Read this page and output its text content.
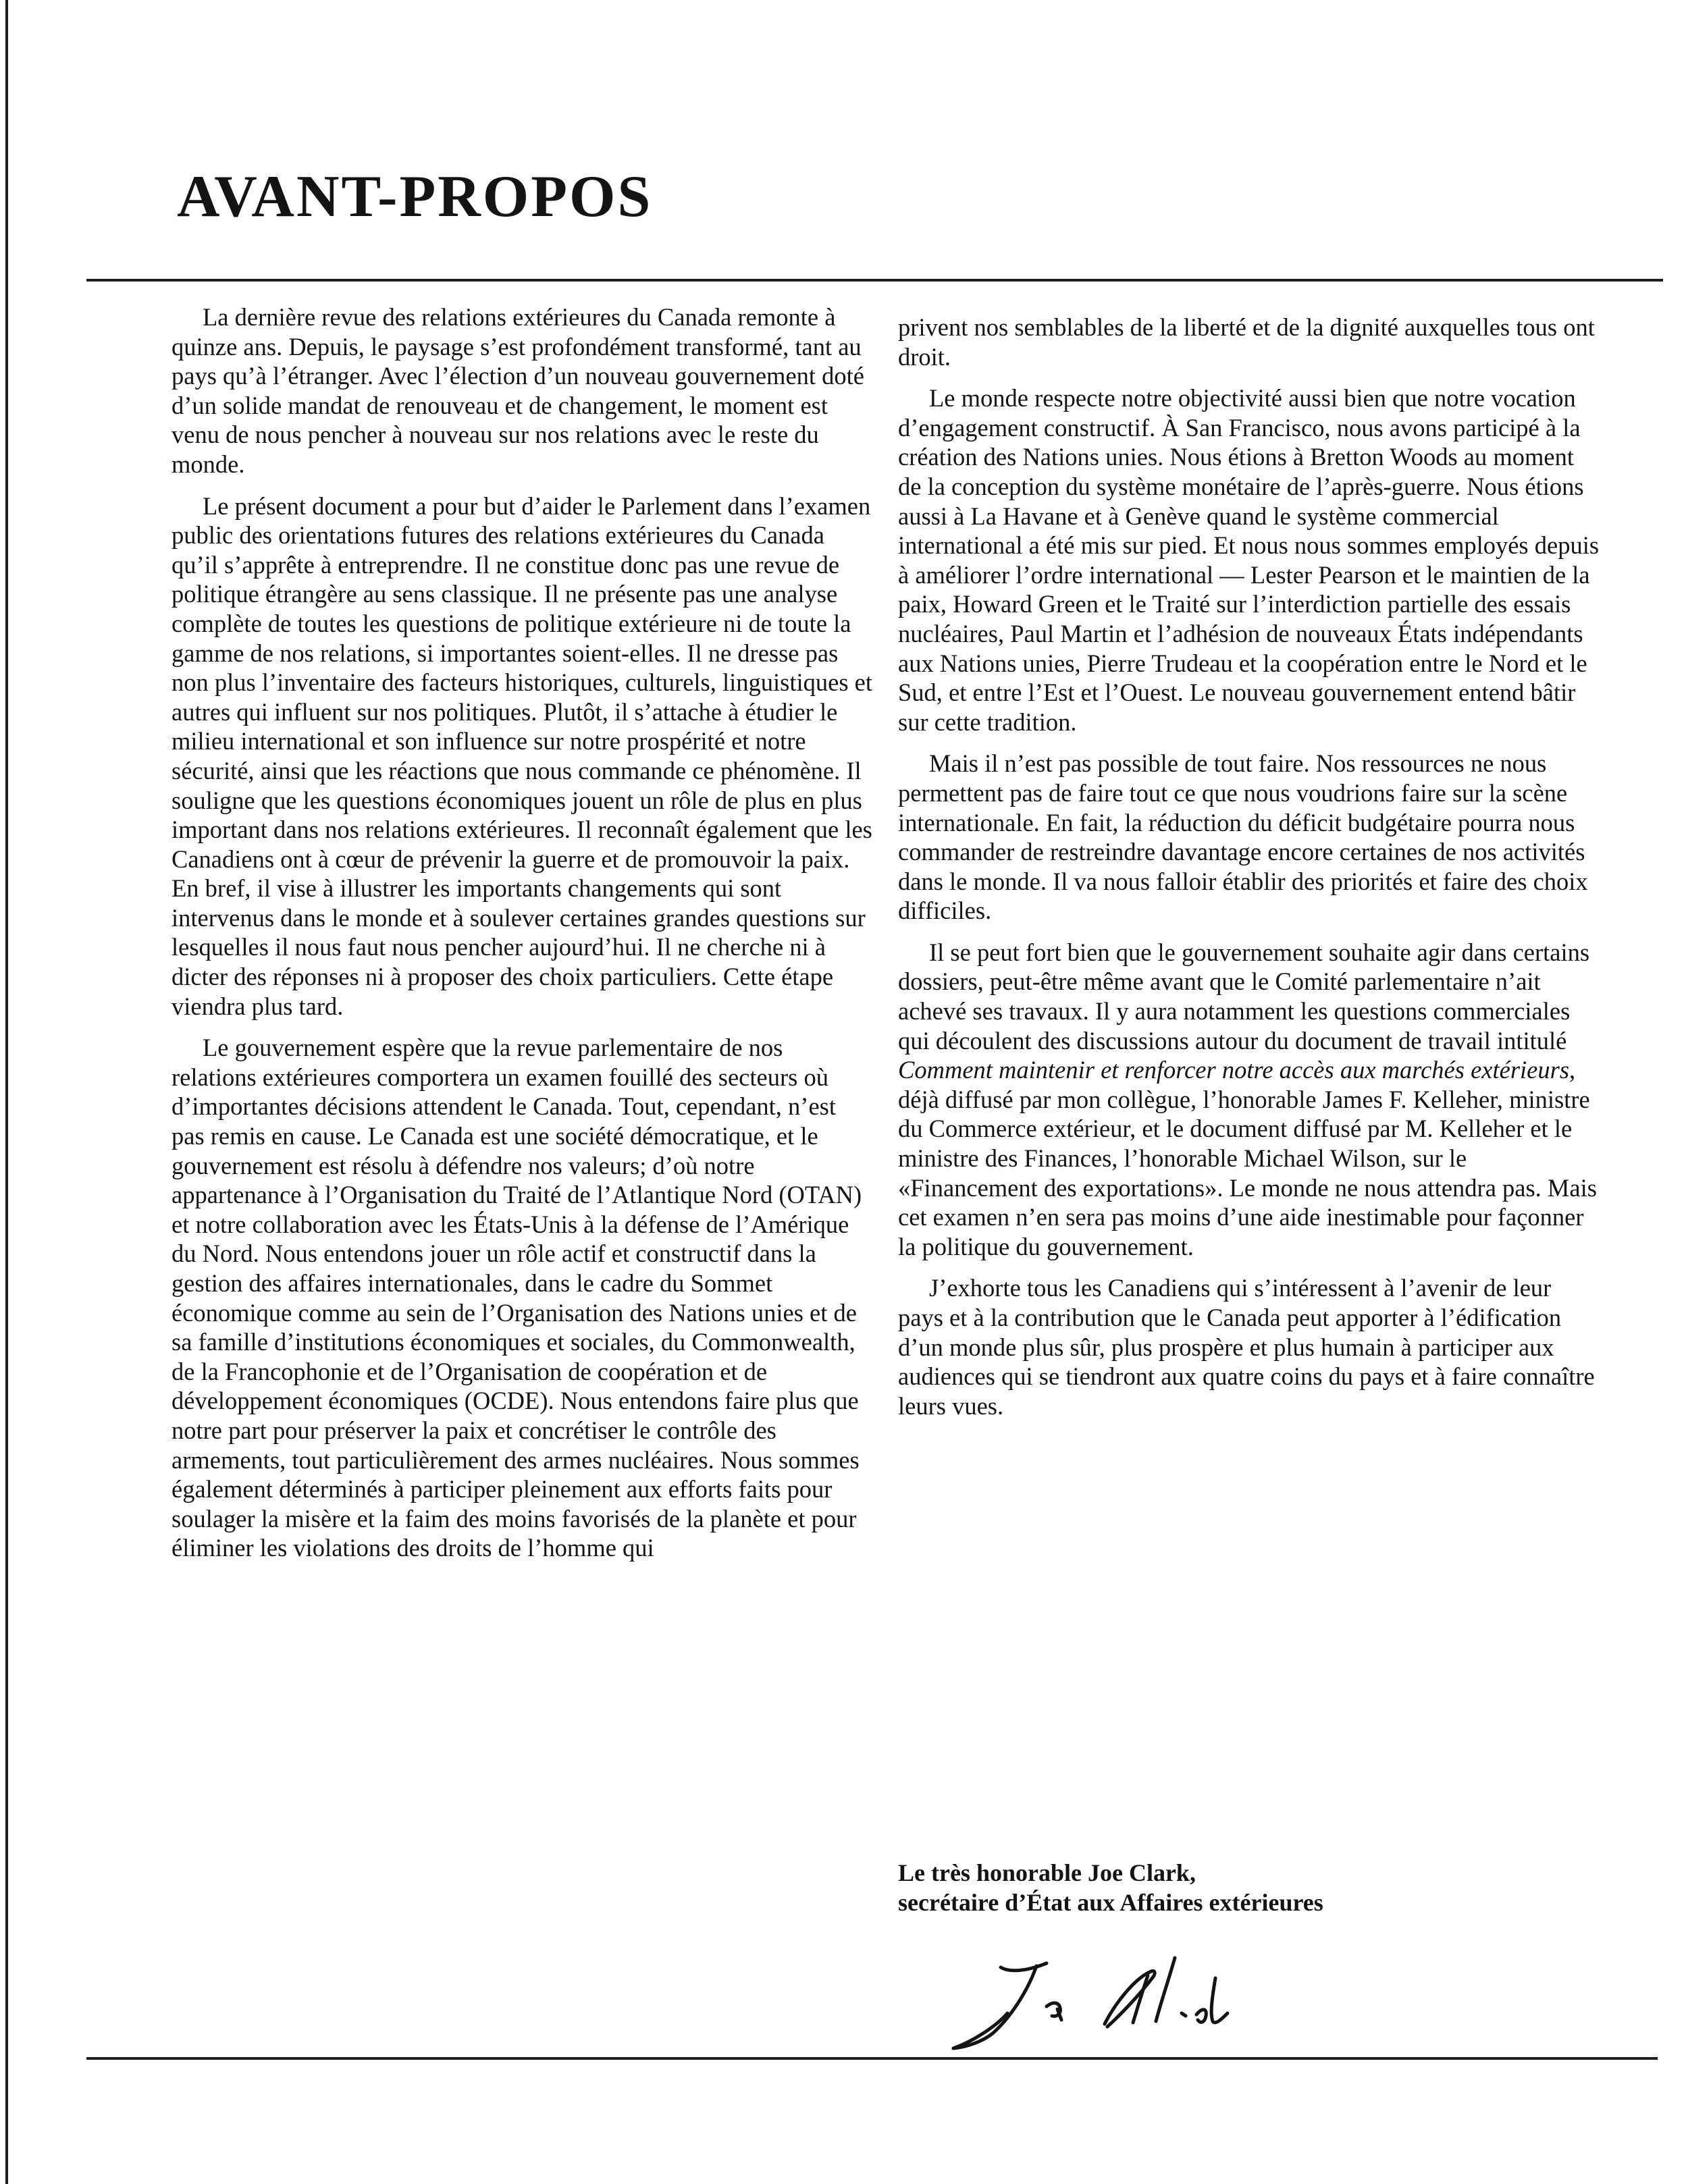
AVANT-PROPOS

La dernière revue des relations extérieures du Canada remonte à quinze ans. Depuis, le paysage s’est profondément transformé, tant au pays qu’à l’étranger. Avec l’élection d’un nouveau gouvernement doté d’un solide mandat de renouveau et de changement, le moment est venu de nous pencher à nouveau sur nos relations avec le reste du monde.

Le présent document a pour but d’aider le Parlement dans l’examen public des orientations futures des relations extérieures du Canada qu’il s’apprête à entreprendre. Il ne constitue donc pas une revue de politique étrangère au sens classique. Il ne présente pas une analyse complète de toutes les questions de politique extérieure ni de toute la gamme de nos relations, si importantes soient-elles. Il ne dresse pas non plus l’inventaire des facteurs historiques, culturels, linguistiques et autres qui influent sur nos politiques. Plutôt, il s’attache à étudier le milieu international et son influence sur notre prospérité et notre sécurité, ainsi que les réactions que nous commande ce phénomène. Il souligne que les questions économiques jouent un rôle de plus en plus important dans nos relations extérieures. Il reconnaît également que les Canadiens ont à cœur de prévenir la guerre et de promouvoir la paix. En bref, il vise à illustrer les importants changements qui sont intervenus dans le monde et à soulever certaines grandes questions sur lesquelles il nous faut nous pencher aujourd’hui. Il ne cherche ni à dicter des réponses ni à proposer des choix particuliers. Cette étape viendra plus tard.

Le gouvernement espère que la revue parlementaire de nos relations extérieures comportera un examen fouillé des secteurs où d’importantes décisions attendent le Canada. Tout, cependant, n’est pas remis en cause. Le Canada est une société démocratique, et le gouvernement est résolu à défendre nos valeurs; d’où notre appartenance à l’Organisation du Traité de l’Atlantique Nord (OTAN) et notre collaboration avec les États-Unis à la défense de l’Amérique du Nord. Nous entendons jouer un rôle actif et constructif dans la gestion des affaires internationales, dans le cadre du Sommet économique comme au sein de l’Organisation des Nations unies et de sa famille d’institutions économiques et sociales, du Commonwealth, de la Francophonie et de l’Organisation de coopération et de développement économiques (OCDE). Nous entendons faire plus que notre part pour préserver la paix et concrétiser le contrôle des armements, tout particulièrement des armes nucléaires. Nous sommes également déterminés à participer pleinement aux efforts faits pour soulager la misère et la faim des moins favorisés de la planète et pour éliminer les violations des droits de l’homme qui

privent nos semblables de la liberté et de la dignité auxquelles tous ont droit.

Le monde respecte notre objectivité aussi bien que notre vocation d’engagement constructif. À San Francisco, nous avons participé à la création des Nations unies. Nous étions à Bretton Woods au moment de la conception du système monétaire de l’après-guerre. Nous étions aussi à La Havane et à Genève quand le système commercial international a été mis sur pied. Et nous nous sommes employés depuis à améliorer l’ordre international — Lester Pearson et le maintien de la paix, Howard Green et le Traité sur l’interdiction partielle des essais nucléaires, Paul Martin et l’adhésion de nouveaux États indépendants aux Nations unies, Pierre Trudeau et la coopération entre le Nord et le Sud, et entre l’Est et l’Ouest. Le nouveau gouvernement entend bâtir sur cette tradition.

Mais il n’est pas possible de tout faire. Nos ressources ne nous permettent pas de faire tout ce que nous voudrions faire sur la scène internationale. En fait, la réduction du déficit budgétaire pourra nous commander de restreindre davantage encore certaines de nos activités dans le monde. Il va nous falloir établir des priorités et faire des choix difficiles.

Il se peut fort bien que le gouvernement souhaite agir dans certains dossiers, peut-être même avant que le Comité parlementaire n’ait achevé ses travaux. Il y aura notamment les questions commerciales qui découlent des discussions autour du document de travail intitulé Comment maintenir et renforcer notre accès aux marchés extérieurs, déjà diffusé par mon collègue, l’honorable James F. Kelleher, ministre du Commerce extérieur, et le document diffusé par M. Kelleher et le ministre des Finances, l’honorable Michael Wilson, sur le «Financement des exportations». Le monde ne nous attendra pas. Mais cet examen n’en sera pas moins d’une aide inestimable pour façonner la politique du gouvernement.

J’exhorte tous les Canadiens qui s’intéressent à l’avenir de leur pays et à la contribution que le Canada peut apporter à l’édification d’un monde plus sûr, plus prospère et plus humain à participer aux audiences qui se tiendront aux quatre coins du pays et à faire connaître leurs vues.

Le très honorable Joe Clark,
secrétaire d’État aux Affaires extérieures
